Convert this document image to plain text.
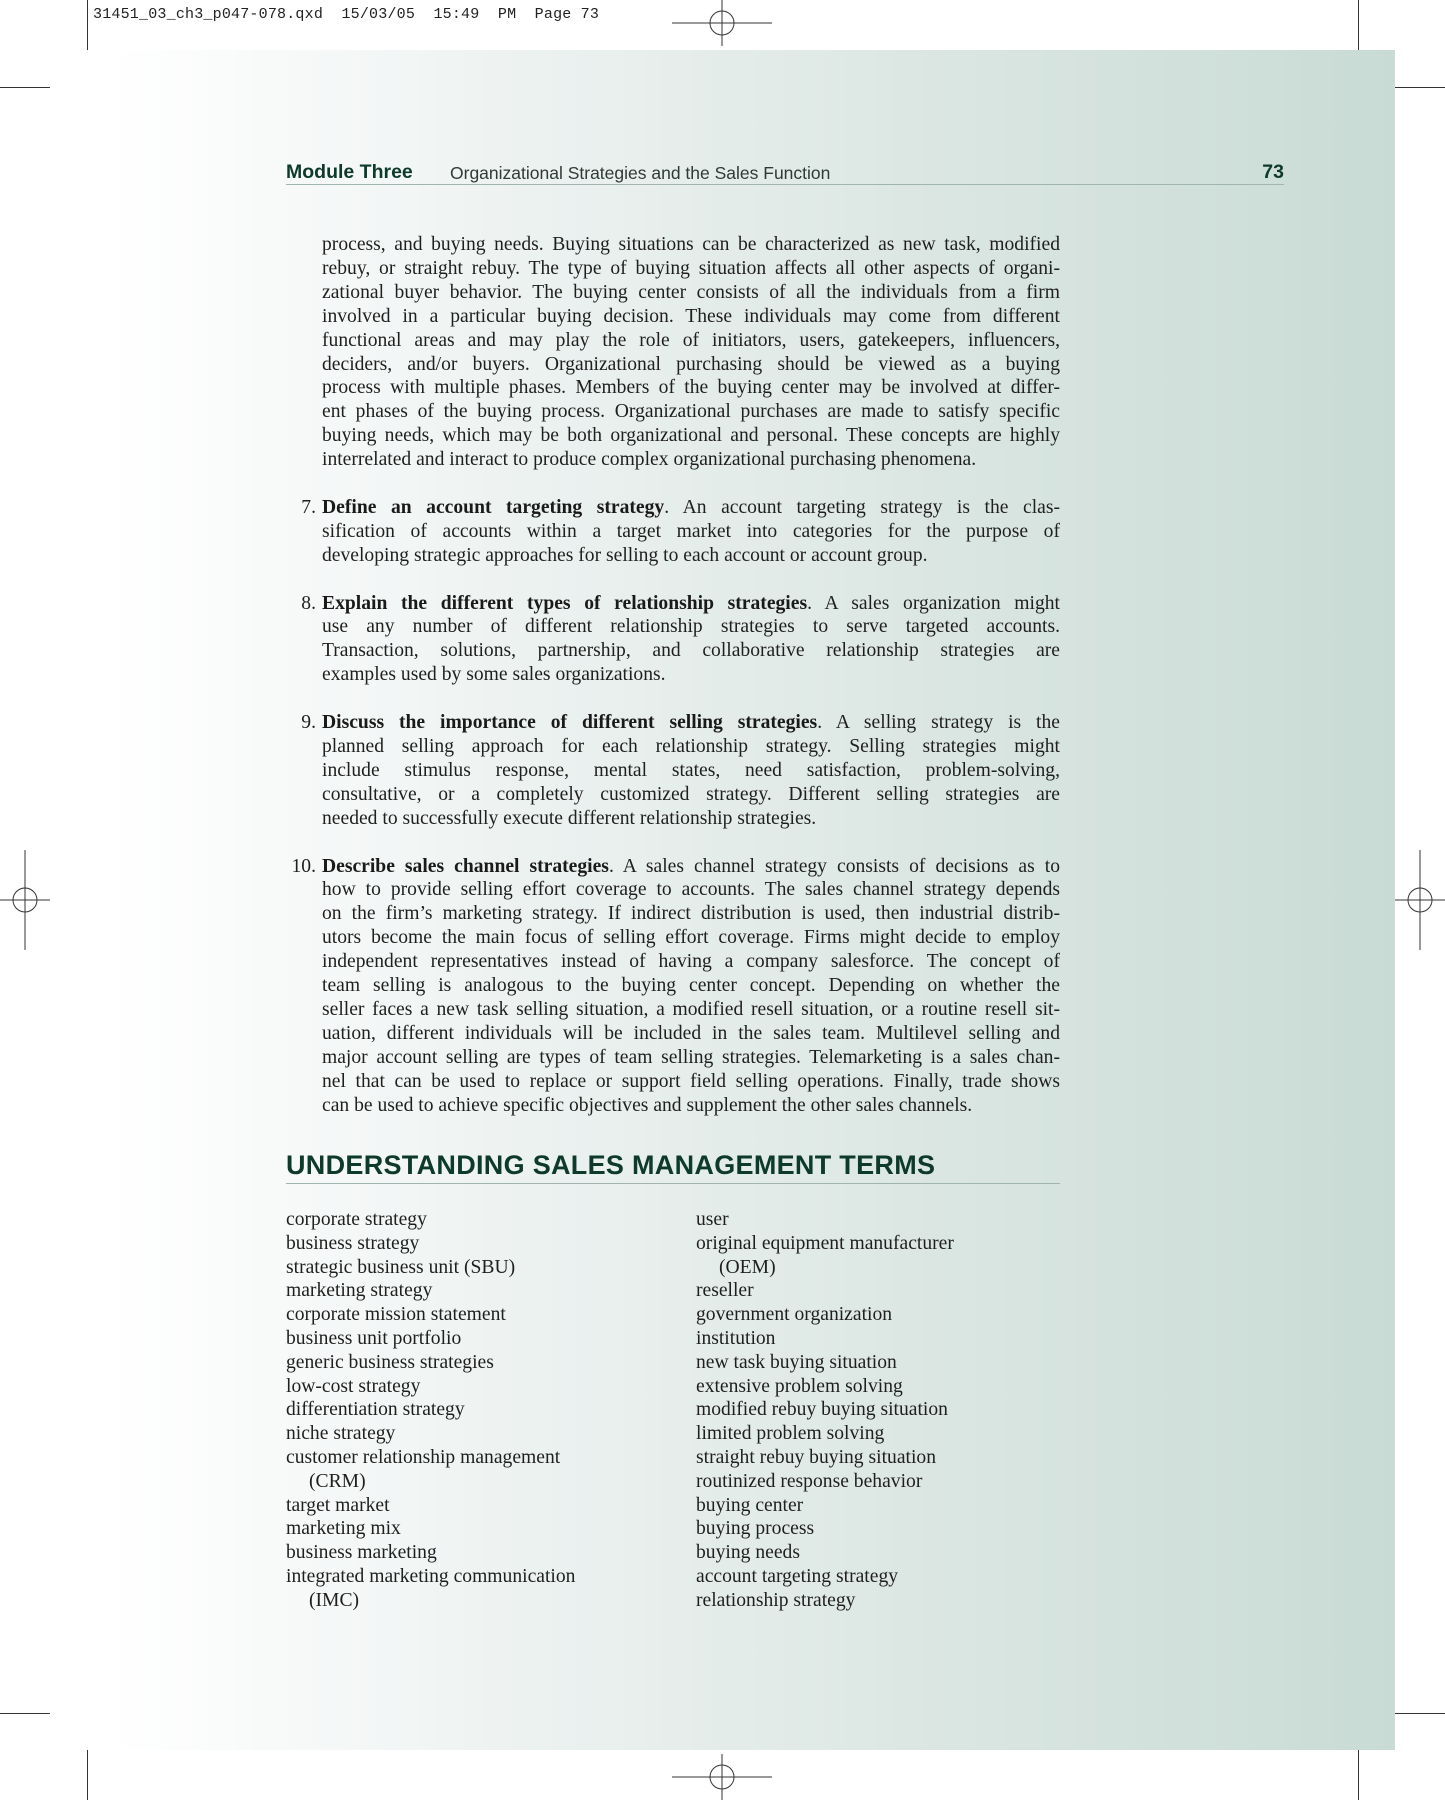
31451_03_ch3_p047-078.qxd  15/03/05  15:49  PM  Page 73
Module Three Organizational Strategies and the Sales Function	73
process, and buying needs. Buying situations can be characterized as new task, modified
rebuy, or straight rebuy. The type of buying situation affects all other aspects of organi-
zational buyer behavior. The buying center consists of all the individuals from a firm
involved in a particular buying decision. These individuals may come from different
functional areas and may play the role of initiators, users, gatekeepers, influencers,
deciders, and/or buyers. Organizational purchasing should be viewed as a buying
process with multiple phases. Members of the buying center may be involved at differ-
ent phases of the buying process. Organizational purchases are made to satisfy specific
buying needs, which may be both organizational and personal. These concepts are highly
interrelated and interact to produce complex organizational purchasing phenomena.
7. Define an account targeting strategy. An account targeting strategy is the clas-
sification of accounts within a target market into categories for the purpose of
developing strategic approaches for selling to each account or account group.
8. Explain the different types of relationship strategies. A sales organization might
use any number of different relationship strategies to serve targeted accounts.
Transaction, solutions, partnership, and collaborative relationship strategies are
examples used by some sales organizations.
9. Discuss the importance of different selling strategies. A selling strategy is the
planned selling approach for each relationship strategy. Selling strategies might
include stimulus response, mental states, need satisfaction, problem-solving,
consultative, or a completely customized strategy. Different selling strategies are
needed to successfully execute different relationship strategies.
10. Describe sales channel strategies. A sales channel strategy consists of decisions as to
how to provide selling effort coverage to accounts. The sales channel strategy depends
on the firm’s marketing strategy. If indirect distribution is used, then industrial distrib-
utors become the main focus of selling effort coverage. Firms might decide to employ
independent representatives instead of having a company salesforce. The concept of
team selling is analogous to the buying center concept. Depending on whether the
seller faces a new task selling situation, a modified resell situation, or a routine resell sit-
uation, different individuals will be included in the sales team. Multilevel selling and
major account selling are types of team selling strategies. Telemarketing is a sales chan-
nel that can be used to replace or support field selling operations. Finally, trade shows
can be used to achieve specific objectives and supplement the other sales channels.
UNDERSTANDING SALES MANAGEMENT TERMS
corporate strategy
business strategy
strategic business unit (SBU)
marketing strategy
corporate mission statement
business unit portfolio
generic business strategies
low-cost strategy
differentiation strategy
niche strategy
customer relationship management
(CRM)
target market
marketing mix
business marketing
integrated marketing communication
(IMC)
user
original equipment manufacturer
(OEM)
reseller
government organization
institution
new task buying situation
extensive problem solving
modified rebuy buying situation
limited problem solving
straight rebuy buying situation
routinized response behavior
buying center
buying process
buying needs
account targeting strategy
relationship strategy
